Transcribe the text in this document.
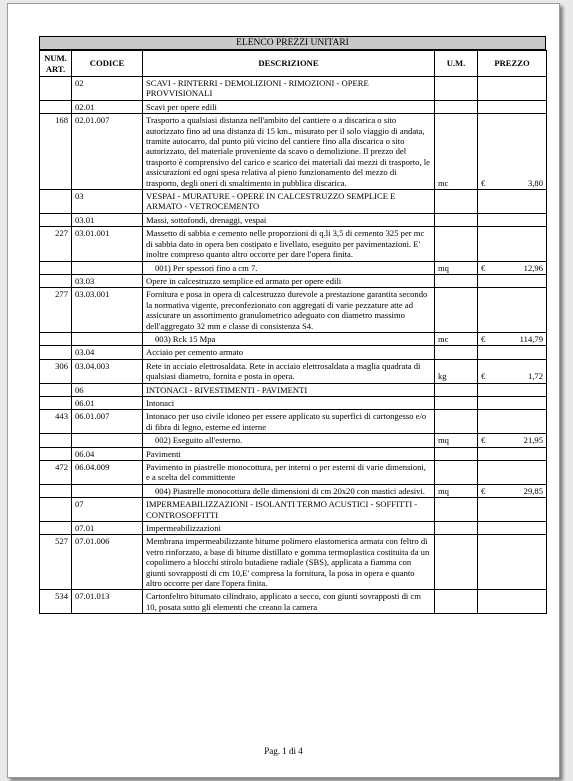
ELENCO PREZZI UNITARI
NUM. ART.	CODICE	DESCRIZIONE	U.M.	PREZZO
	02	SCAVI - RINTERRI - DEMOLIZIONI - RIMOZIONI - OPERE PROVVISIONALI		
	02.01	Scavi per opere edili		
168	02.01.007	Trasporto a qualsiasi distanza nell'ambito del cantiere o a discarica o sito autorizzato fino ad una distanza di 15 km., misurato per il solo viaggio di andata, tramite autocarro, dal punto più vicino del cantiere fino alla discarica o sito autorizzato, del materiale proveniente da scavo o demolizione. Il prezzo del trasporto è comprensivo del carico e scarico dei materiali dai mezzi di trasporto, le assicurazioni ed ogni spesa relativa al pieno funzionamento del mezzo di trasporto, degli oneri di smaltimento in pubblica discarica.	mc	€ 3,80
	03	VESPAI - MURATURE - OPERE IN CALCESTRUZZO SEMPLICE E ARMATO - VETROCEMENTO		
	03.01	Massi, sottofondi, drenaggi, vespai		
227	03.01.001	Massetto di sabbia e cemento nelle proporzioni di q.li 3,5 di cemento 325 per mc di sabbia dato in opera ben costipato e livellato, eseguito per pavimentazioni. E' inoltre compreso quanto altro occorre per dare l'opera finita.		
		001) Per spessori fino a cm 7.	mq	€ 12,96
	03.03	Opere in calcestruzzo semplice ed armato per opere edili		
277	03.03.001	Fornitura e posa in opera di calcestruzzo durevole a prestazione garantita secondo la normativa vigente, preconfezionato con aggregati di varie pezzature atte ad assicurare un assortimento granulometrico adeguato con diametro massimo dell'aggregato 32 mm e classe di consistenza S4.		
		003) Rck 15 Mpa	mc	€ 114,79
	03.04	Acciaio per cemento armato		
306	03.04.003	Rete in acciaio elettrosaldata. Rete in acciaio elettrosaldata a maglia quadrata di qualsiasi diametro, fornita e posta in opera.	kg	€ 1,72
	06	INTONACI - RIVESTIMENTI - PAVIMENTI		
	06.01	Intonaci		
443	06.01.007	Intonaco per uso civile idoneo per essere applicato su superfici di cartongesso e/o di fibra di legno, esterne ed interne		
		002) Eseguito all'esterno.	mq	€ 21,95
	06.04	Pavimenti		
472	06.04.009	Pavimento in piastrelle monocottura, per interni o per esterni di varie dimensioni, e a scelta del committente		
		004) Piastrelle monocottura delle dimensioni di cm 20x20 con mastici adesivi.	mq	€ 29,85
	07	IMPERMEABILIZZAZIONI - ISOLANTI TERMO ACUSTICI - SOFFITTI - CONTROSOFFITTI		
	07.01	Impermeabilizzazioni		
527	07.01.006	Membrana impermeabilizzante bitume polimero elastomerica armata con feltro di vetro rinforzato, a base di bitume distillato e gomma termoplastica costituita da un copolimero a blocchi stirolo butadiene radiale (SBS), applicata a fiamma con giunti sovrapposti di cm 10,E' compresa la fornitura, la posa in opera e quanto altro occorre per dare l'opera finita.		
534	07.01.013	Cartonfeltro bitumato cilindrato, applicato a secco, con giunti sovrapposti di cm 10, posata sotto gli elementi che creano la camera		
Pag. 1 di 4
